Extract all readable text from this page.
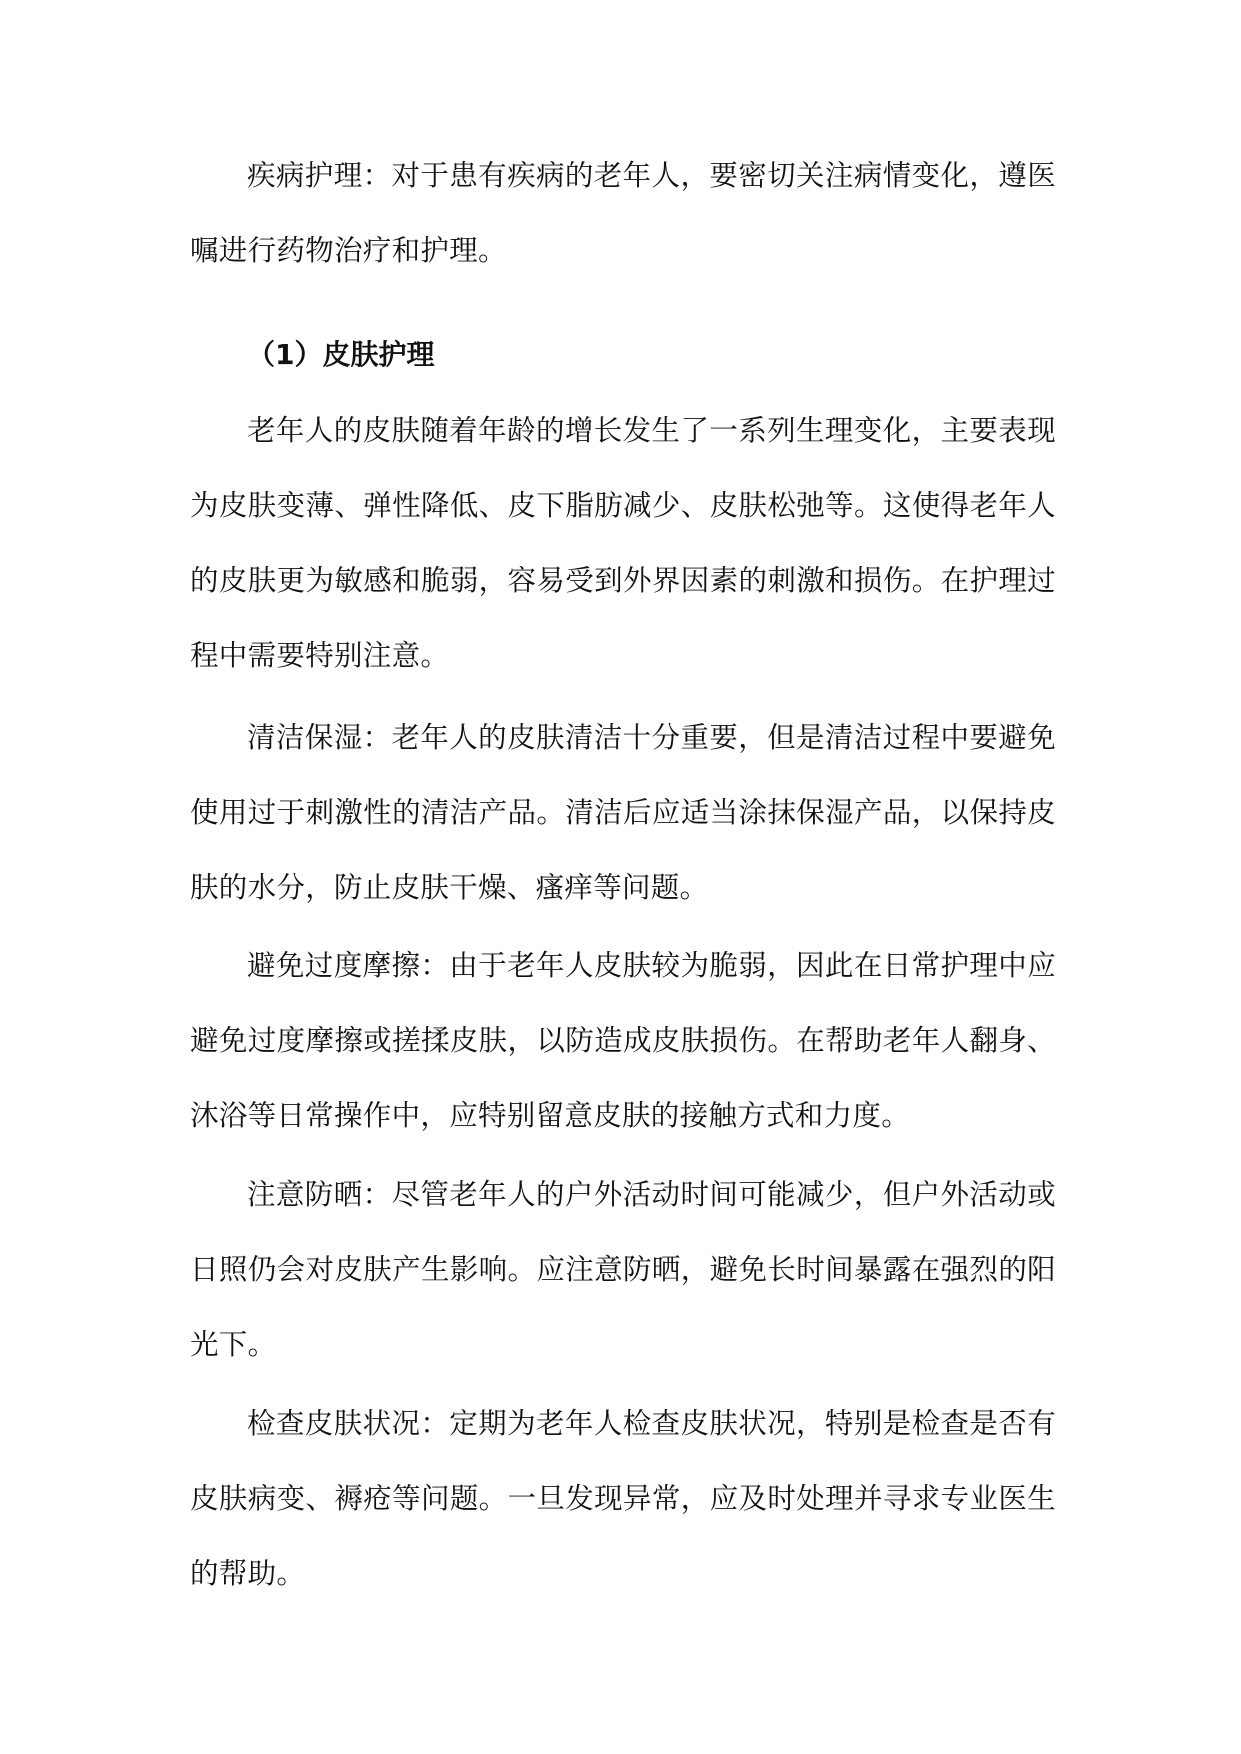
疾病护理：对于患有疾病的老年人，要密切关注病情变化，遵医嘱进行药物治疗和护理。

（1）皮肤护理

老年人的皮肤随着年龄的增长发生了一系列生理变化，主要表现为皮肤变薄、弹性降低、皮下脂肪减少、皮肤松弛等。这使得老年人的皮肤更为敏感和脆弱，容易受到外界因素的刺激和损伤。在护理过程中需要特别注意。

清洁保湿：老年人的皮肤清洁十分重要，但是清洁过程中要避免使用过于刺激性的清洁产品。清洁后应适当涂抹保湿产品，以保持皮肤的水分，防止皮肤干燥、瘙痒等问题。

避免过度摩擦：由于老年人皮肤较为脆弱，因此在日常护理中应避免过度摩擦或搓揉皮肤，以防造成皮肤损伤。在帮助老年人翻身、沐浴等日常操作中，应特别留意皮肤的接触方式和力度。

注意防晒：尽管老年人的户外活动时间可能减少，但户外活动或日照仍会对皮肤产生影响。应注意防晒，避免长时间暴露在强烈的阳光下。

检查皮肤状况：定期为老年人检查皮肤状况，特别是检查是否有皮肤病变、褥疮等问题。一旦发现异常，应及时处理并寻求专业医生的帮助。
